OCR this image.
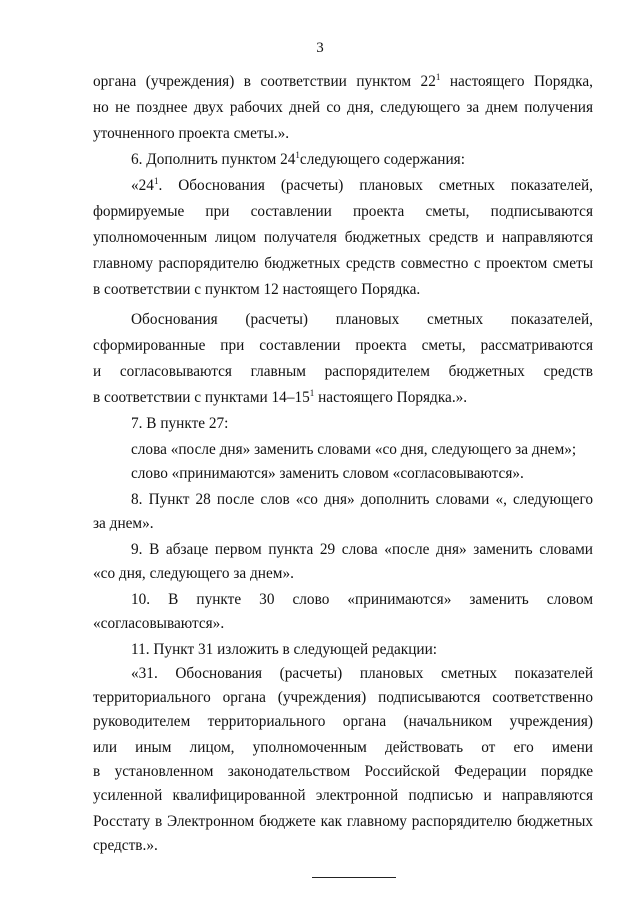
3
органа (учреждения) в соответствии пунктом $22^1$ настоящего Порядка,
но не позднее двух рабочих дней со дня, следующего за днем получения
уточненного проекта сметы.».
6. Дополнить пунктом $24^1следующего$ содержания:
«$24^1$. Обоснования (расчеты) плановых сметных показателей,
формируемые при составлении проекта сметы, подписываются
уполномоченным лицом получателя бюджетных средств и направляются
главному распорядителю бюджетных средств совместно с проектом сметы
в соответствии с пунктом 12 настоящего Порядка.
Обоснования (расчеты) плановых сметных показателей,
сформированные при составлении проекта сметы, рассматриваются
и согласовываются главным распорядителем бюджетных средств
в соответствии с пунктами $14-15^1$ настоящего Порядка.».
7. В пункте 27:
слова «после дня» заменить словами «со дня, следующего за днем»;
слово «принимаются» заменить словом «согласовываются».
8. Пункт 28 после слов «со дня» дополнить словами «, следующего
за днем».
9. В абзаце первом пункта 29 слова «после дня» заменить словами
«со дня, следующего за днем».
10. В пункте 30 слово «принимаются» заменить словом
«согласовываются».
11. Пункт 31 изложить в следующей редакции:
«31. Обоснования (расчеты) плановых сметных показателей
территориального органа (учреждения) подписываются соответственно
руководителем территориального органа (начальником учреждения)
или иным лицом, уполномоченным действовать от его имени
в установленном законодательством Российской Федерации порядке
усиленной квалифицированной электронной подписью и направляются
Росстату в Электронном бюджете как главному распорядителю бюджетных
средств.».
